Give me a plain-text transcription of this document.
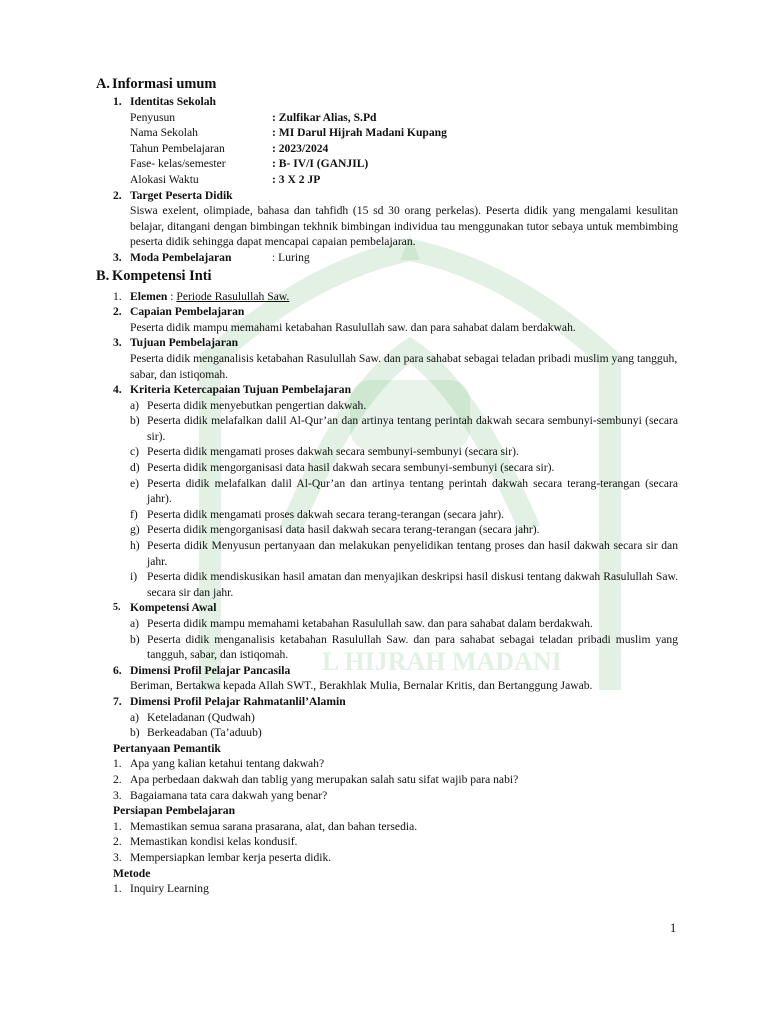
L HIJRAH MADANI
A. Informasi umum
1. Identitas Sekolah
Penyusun	: Zulfikar Alias, S.Pd
Nama Sekolah	: MI Darul Hijrah Madani Kupang
Tahun Pembelajaran	: 2023/2024
Fase- kelas/semester	: B- IV/I (GANJIL)
Alokasi Waktu	: 3 X 2 JP
2. Target Peserta Didik
Siswa exelent, olimpiade, bahasa dan tahfidh (15 sd 30 orang perkelas). Peserta didik yang mengalami kesulitan belajar, ditangani dengan bimbingan tekhnik bimbingan individua tau menggunakan tutor sebaya untuk membimbing peserta didik sehingga dapat mencapai capaian pembelajaran.
3. Moda Pembelajaran	: Luring
B. Kompetensi Inti
1. Elemen : Periode Rasulullah Saw.
2. Capaian Pembelajaran
Peserta didik mampu memahami ketabahan Rasulullah saw. dan para sahabat dalam berdakwah.
3. Tujuan Pembelajaran
Peserta didik menganalisis ketabahan Rasulullah Saw. dan para sahabat sebagai teladan pribadi muslim yang tangguh, sabar, dan istiqomah.
4. Kriteria Ketercapaian Tujuan Pembelajaran
a) Peserta didik menyebutkan pengertian dakwah.
b) Peserta didik melafalkan dalil Al-Qur’an dan artinya tentang perintah dakwah secara sembunyi-sembunyi (secara sir).
c) Peserta didik mengamati proses dakwah secara sembunyi-sembunyi (secara sir).
d) Peserta didik mengorganisasi data hasil dakwah secara sembunyi-sembunyi (secara sir).
e) Peserta didik melafalkan dalil Al-Qur’an dan artinya tentang perintah dakwah secara terang-terangan (secara jahr).
f) Peserta didik mengamati proses dakwah secara terang-terangan (secara jahr).
g) Peserta didik mengorganisasi data hasil dakwah secara terang-terangan (secara jahr).
h) Peserta didik Menyusun pertanyaan dan melakukan penyelidikan tentang proses dan hasil dakwah secara sir dan jahr.
i) Peserta didik mendiskusikan hasil amatan dan menyajikan deskripsi hasil diskusi tentang dakwah Rasulullah Saw. secara sir dan jahr.
5. Kompetensi Awal
a) Peserta didik mampu memahami ketabahan Rasulullah saw. dan para sahabat dalam berdakwah.
b) Peserta didik menganalisis ketabahan Rasulullah Saw. dan para sahabat sebagai teladan pribadi muslim yang tangguh, sabar, dan istiqomah.
6. Dimensi Profil Pelajar Pancasila
Beriman, Bertakwa kepada Allah SWT., Berakhlak Mulia, Bernalar Kritis, dan Bertanggung Jawab.
7. Dimensi Profil Pelajar Rahmatanlil’Alamin
a) Keteladanan (Qudwah)
b) Berkeadaban (Ta’aduub)
Pertanyaan Pemantik
1. Apa yang kalian ketahui tentang dakwah?
2. Apa perbedaan dakwah dan tablig yang merupakan salah satu sifat wajib para nabi?
3. Bagaiamana tata cara dakwah yang benar?
Persiapan Pembelajaran
1. Memastikan semua sarana prasarana, alat, dan bahan tersedia.
2. Memastikan kondisi kelas kondusif.
3. Mempersiapkan lembar kerja peserta didik.
Metode
1. Inquiry Learning
1
